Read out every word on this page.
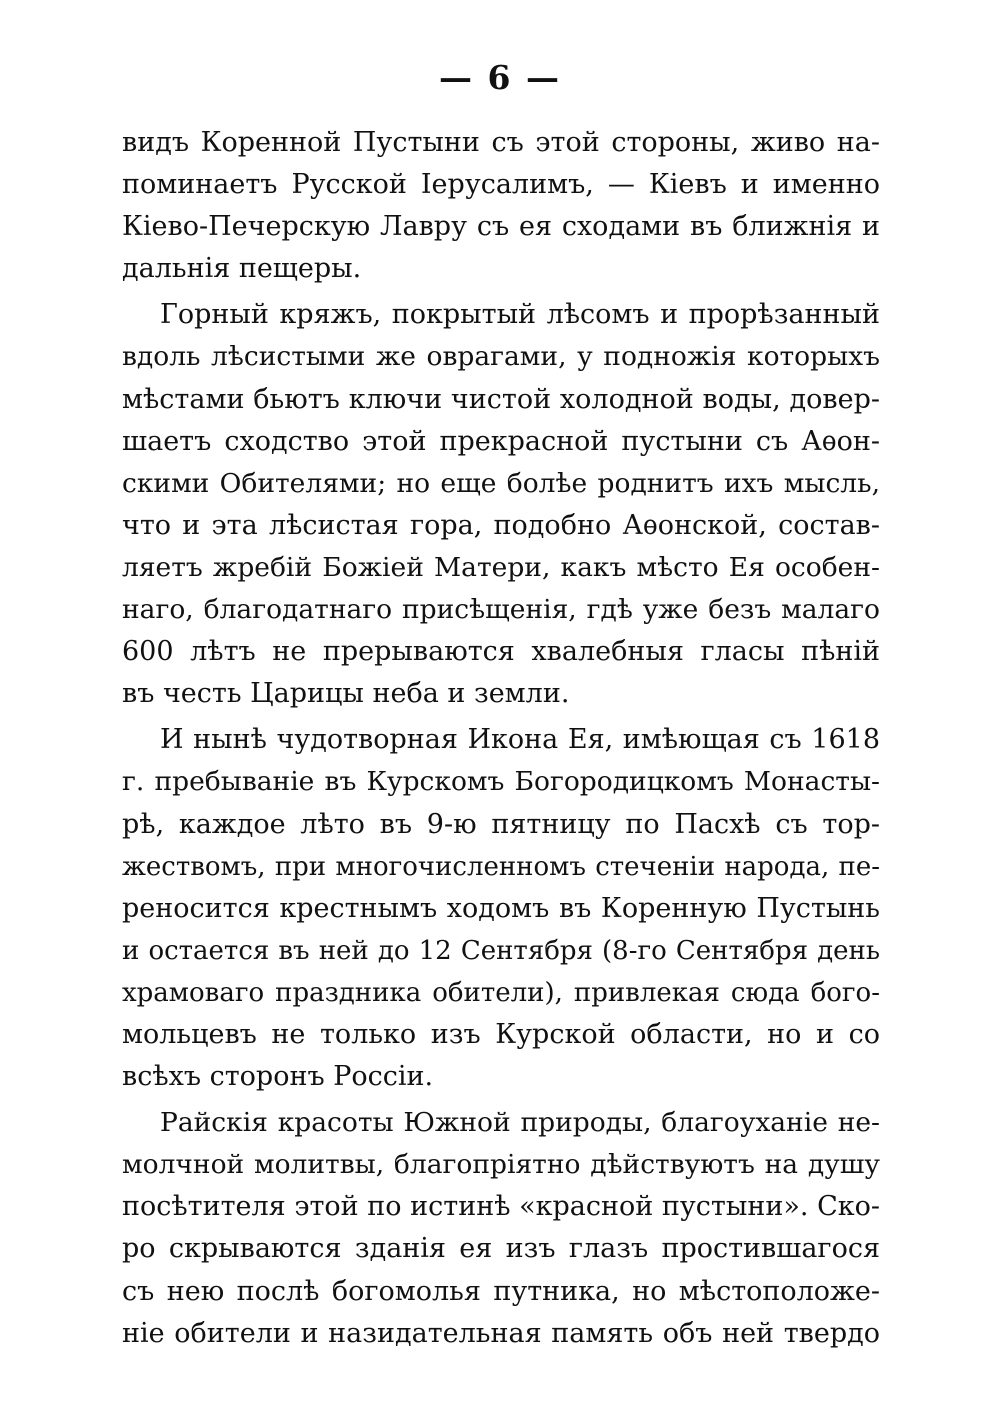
— 6 —
видъ Коренной Пустыни съ этой стороны, живо на-
поминаетъ Русской Іерусалимъ, — Кіевъ и именно
Кіево-Печерскую Лавру съ ея сходами въ ближнія и
дальнія пещеры.
Горный кряжъ, покрытый лѣсомъ и прорѣзанный
вдоль лѣсистыми же оврагами, у подножія которыхъ
мѣстами бьютъ ключи чистой холодной воды, довер-
шаетъ сходство этой прекрасной пустыни съ Аѳон-
скими Обителями; но еще болѣе роднитъ ихъ мысль,
что и эта лѣсистая гора, подобно Аѳонской, состав-
ляетъ жребій Божіей Матери, какъ мѣсто Ея особен-
наго, благодатнаго присѣщенія, гдѣ уже безъ малаго
600 лѣтъ не прерываются хвалебныя гласы пѣній
въ честь Царицы неба и земли.
И нынѣ чудотворная Икона Ея, имѣющая съ 1618
г. пребываніе въ Курскомъ Богородицкомъ Монасты-
рѣ, каждое лѣто въ 9-ю пятницу по Пасхѣ съ тор-
жествомъ, при многочисленномъ стеченіи народа, пе-
реносится крестнымъ ходомъ въ Коренную Пустынь
и остается въ ней до 12 Сентября (8-го Сентября день
храмоваго праздника обители), привлекая сюда бого-
мольцевъ не только изъ Курской области, но и со
всѣхъ сторонъ Россіи.
Райскія красоты Южной природы, благоуханіе не-
молчной молитвы, благопріятно дѣйствуютъ на душу
посѣтителя этой по истинѣ «красной пустыни». Ско-
ро скрываются зданія ея изъ глазъ простившагося
съ нею послѣ богомолья путника, но мѣстоположе-
ніе обители и назидательная память объ ней твердо
